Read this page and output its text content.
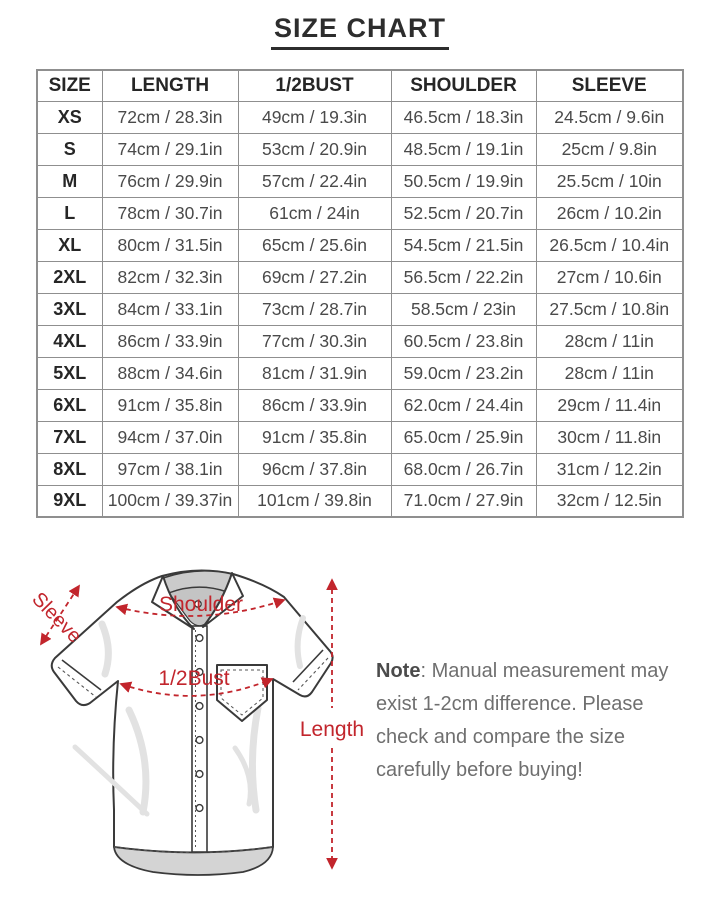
SIZE CHART
SIZE	LENGTH	1/2BUST	SHOULDER	SLEEVE
XS	72cm / 28.3in	49cm / 19.3in	46.5cm / 18.3in	24.5cm / 9.6in
S	74cm / 29.1in	53cm / 20.9in	48.5cm / 19.1in	25cm / 9.8in
M	76cm / 29.9in	57cm / 22.4in	50.5cm / 19.9in	25.5cm / 10in
L	78cm / 30.7in	61cm / 24in	52.5cm / 20.7in	26cm / 10.2in
XL	80cm / 31.5in	65cm / 25.6in	54.5cm / 21.5in	26.5cm / 10.4in
2XL	82cm / 32.3in	69cm / 27.2in	56.5cm / 22.2in	27cm / 10.6in
3XL	84cm / 33.1in	73cm / 28.7in	58.5cm / 23in	27.5cm / 10.8in
4XL	86cm / 33.9in	77cm / 30.3in	60.5cm / 23.8in	28cm / 11in
5XL	88cm / 34.6in	81cm / 31.9in	59.0cm / 23.2in	28cm / 11in
6XL	91cm / 35.8in	86cm / 33.9in	62.0cm / 24.4in	29cm / 11.4in
7XL	94cm / 37.0in	91cm / 35.8in	65.0cm / 25.9in	30cm / 11.8in
8XL	97cm / 38.1in	96cm / 37.8in	68.0cm / 26.7in	31cm / 12.2in
9XL	100cm / 39.37in	101cm / 39.8in	71.0cm / 27.9in	32cm / 12.5in
Sleeve	Shoulder
1/2Bust
Length

Note: Manual measurement may exist 1-2cm difference. Please check and compare the size carefully before buying!
